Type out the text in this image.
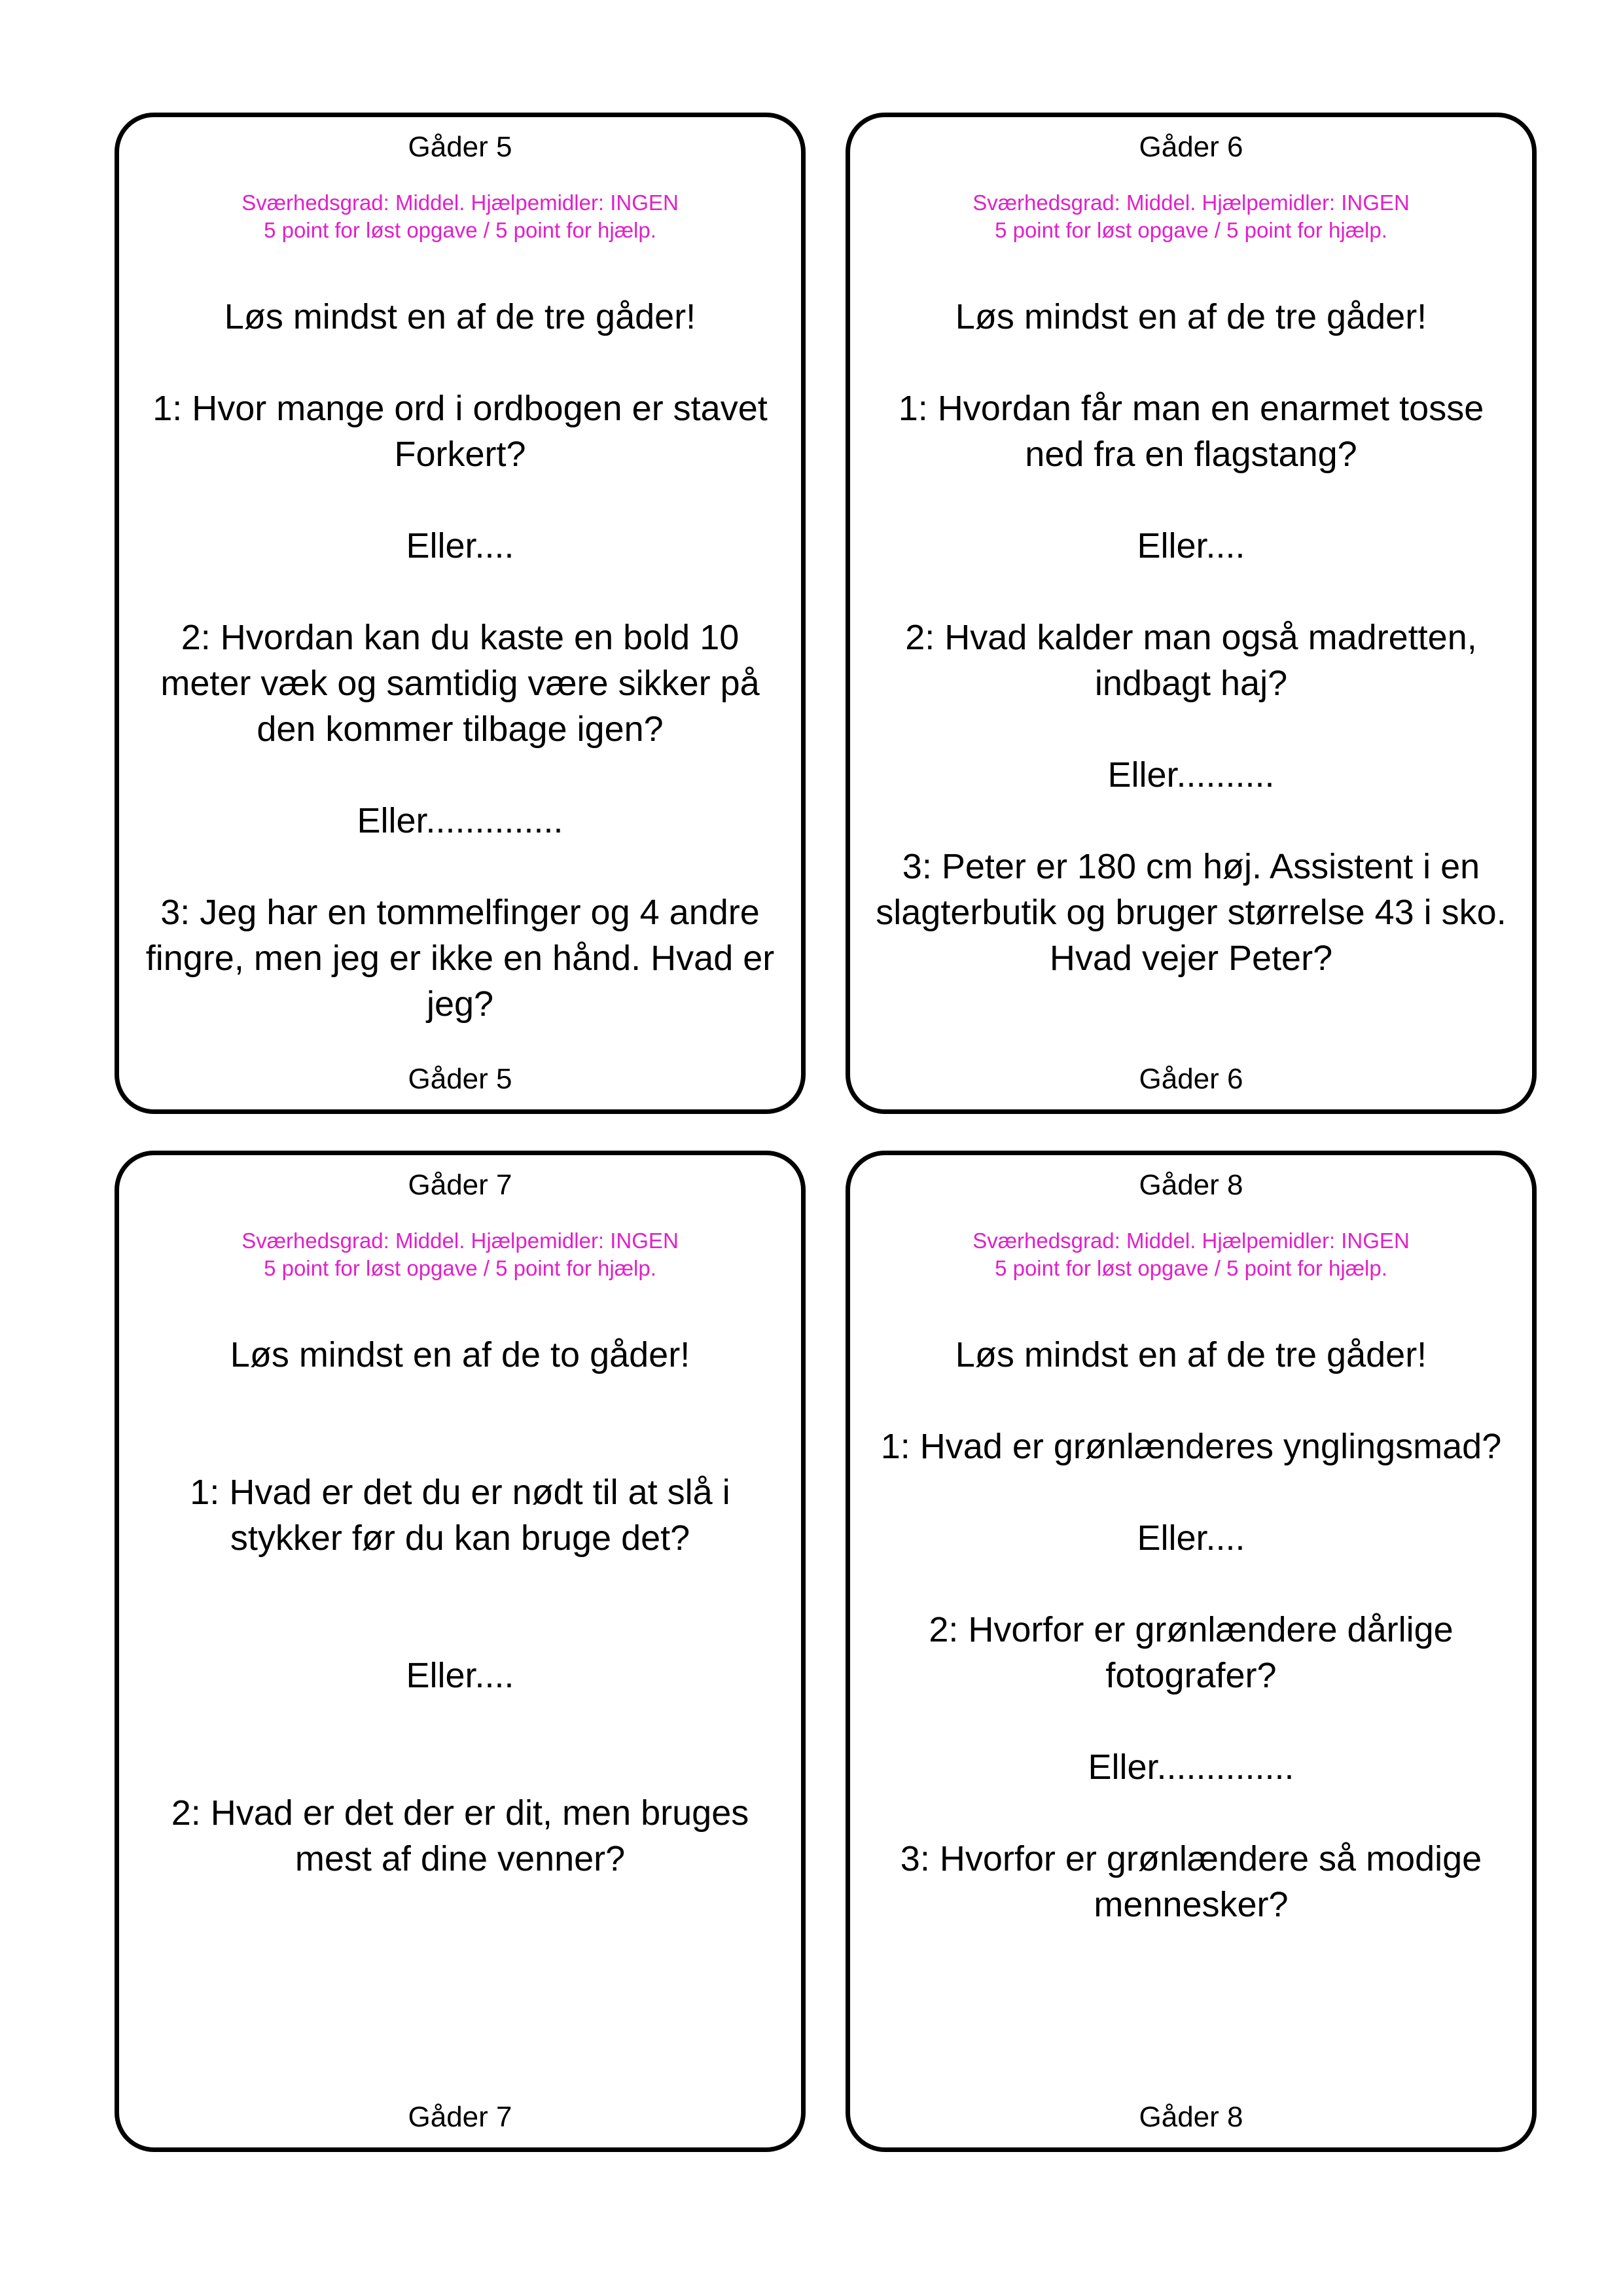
Gåder 5
Sværhedsgrad: Middel. Hjælpemidler: INGEN
5 point for løst opgave / 5 point for hjælp.
Løs mindst en af de tre gåder!
1: Hvor mange ord i ordbogen er stavet Forkert?
Eller....
2: Hvordan kan du kaste en bold 10 meter væk og samtidig være sikker på den kommer tilbage igen?
Eller..............
3: Jeg har en tommelfinger og 4 andre fingre, men jeg er ikke en hånd. Hvad er jeg?
Gåder 5
Gåder 6
Sværhedsgrad: Middel. Hjælpemidler: INGEN
5 point for løst opgave / 5 point for hjælp.
Løs mindst en af de tre gåder!
1: Hvordan får man en enarmet tosse ned fra en flagstang?
Eller....
2: Hvad kalder man også madretten, indbagt haj?
Eller..........
3: Peter er 180 cm høj. Assistent i en slagterbutik og bruger størrelse 43 i sko. Hvad vejer Peter?
Gåder 6
Gåder 7
Sværhedsgrad: Middel. Hjælpemidler: INGEN
5 point for løst opgave / 5 point for hjælp.
Løs mindst en af de to gåder!
1: Hvad er det du er nødt til at slå i stykker før du kan bruge det?
Eller....
2: Hvad er det der er dit, men bruges mest af dine venner?
Gåder 7
Gåder 8
Sværhedsgrad: Middel. Hjælpemidler: INGEN
5 point for løst opgave / 5 point for hjælp.
Løs mindst en af de tre gåder!
1: Hvad er grønlænderes ynglingsmad?
Eller....
2: Hvorfor er grønlændere dårlige fotografer?
Eller..............
3: Hvorfor er grønlændere så modige mennesker?
Gåder 8
